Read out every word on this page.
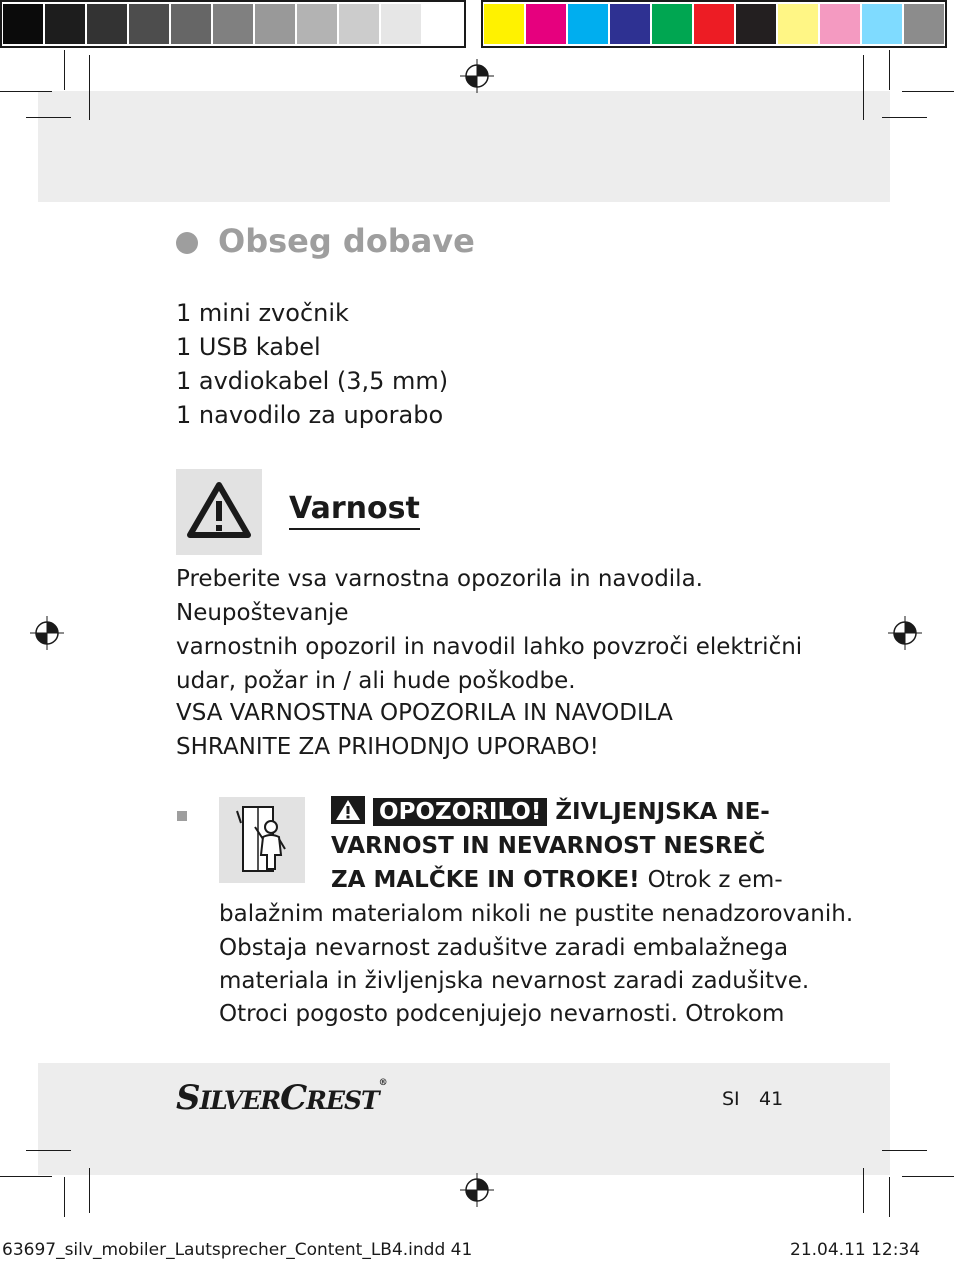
Obseg dobave
1 mini zvočnik
1 USB kabel
1 avdiokabel (3,5 mm)
1 navodilo za uporabo
Varnost
Preberite vsa varnostna opozorila in navodila. Neupoštevanje
varnostnih opozoril in navodil lahko povzroči električni
udar, požar in / ali hude poškodbe.
VSA VARNOSTNA OPOZORILA IN NAVODILA
SHRANITE ZA PRIHODNJO UPORABO!
OPOZORILO! ŽIVLJENJSKA NE-
VARNOST IN NEVARNOST NESREČ
ZA MALČKE IN OTROKE! Otrok z em-
balažnim materialom nikoli ne pustite nenadzorovanih.
Obstaja nevarnost zadušitve zaradi embalažnega
materiala in življenjska nevarnost zaradi zadušitve.
Otroci pogosto podcenjujejo nevarnosti. Otrokom
SILVERCREST®
SI 41
63697_silv_mobiler_Lautsprecher_Content_LB4.indd 41	21.04.11 12:34
